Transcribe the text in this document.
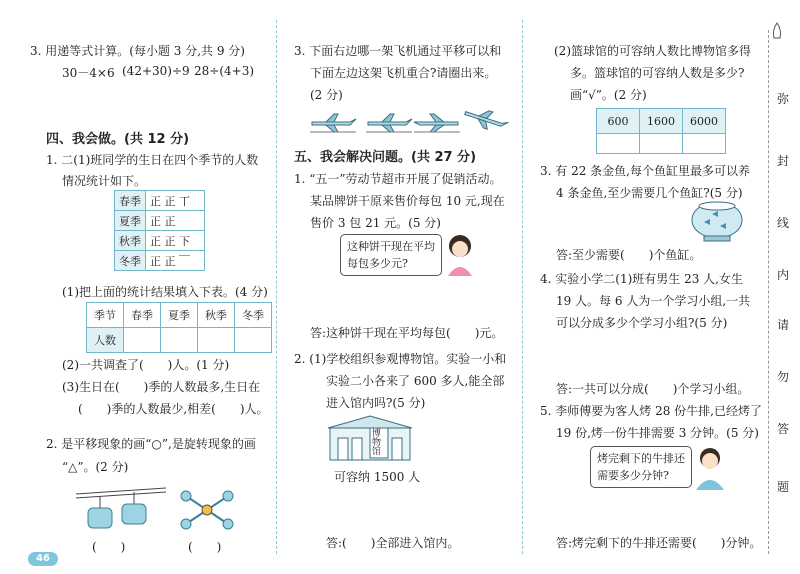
3. 用递等式计算。(每小题 3 分,共 9 分)
30－4×6 (42+30)÷9 28÷(4+3)
四、我会做。(共 12 分)
1. 二(1)班同学的生日在四个季节的人数
情况统计如下。
春季	正 正 丅
夏季	正 正
秋季	正 正 下
冬季	正 正 ￣
(1)把上面的统计结果填入下表。(4 分)
季节	春季	夏季	秋季	冬季
人数				
(2)一共调查了(　　)人。(1 分)
(3)生日在(　　)季的人数最多,生日在
(　　)季的人数最少,相差(　　)人。
2. 是平移现象的画“○”,是旋转现象的画
“△”。(2 分)
(　　)	(　　)
46
3. 下面右边哪一架飞机通过平移可以和
下面左边这架飞机重合?请圈出来。
(2 分)
五、我会解决问题。(共 27 分)
1. “五一”劳动节超市开展了促销活动。
某品牌饼干原来售价每包 10 元,现在
售价 3 包 21 元。(5 分)
这种饼干现在平均
每包多少元?
答:这种饼干现在平均每包(　　)元。
2. (1)学校组织参观博物馆。实验一小和
实验二小各来了 600 多人,能全部
进入馆内吗?(5 分)
博物馆
可容纳 1500 人
答:(　　)全部进入馆内。
(2)篮球馆的可容纳人数比博物馆多得
多。篮球馆的可容纳人数是多少?
画“√”。(2 分)
600	1600	6000

3. 有 22 条金鱼,每个鱼缸里最多可以养
4 条金鱼,至少需要几个鱼缸?(5 分)
答:至少需要(　　)个鱼缸。
4. 实验小学二(1)班有男生 23 人,女生
19 人。每 6 人为一个学习小组,一共
可以分成多少个学习小组?(5 分)
答:一共可以分成(　　)个学习小组。
5. 李师傅要为客人烤 28 份牛排,已经烤了
19 份,烤一份牛排需要 3 分钟。(5 分)
烤完剩下的牛排还
需要多少分钟?
答:烤完剩下的牛排还需要(　　)分钟。
弥
封
线
内
请
勿
答
题
